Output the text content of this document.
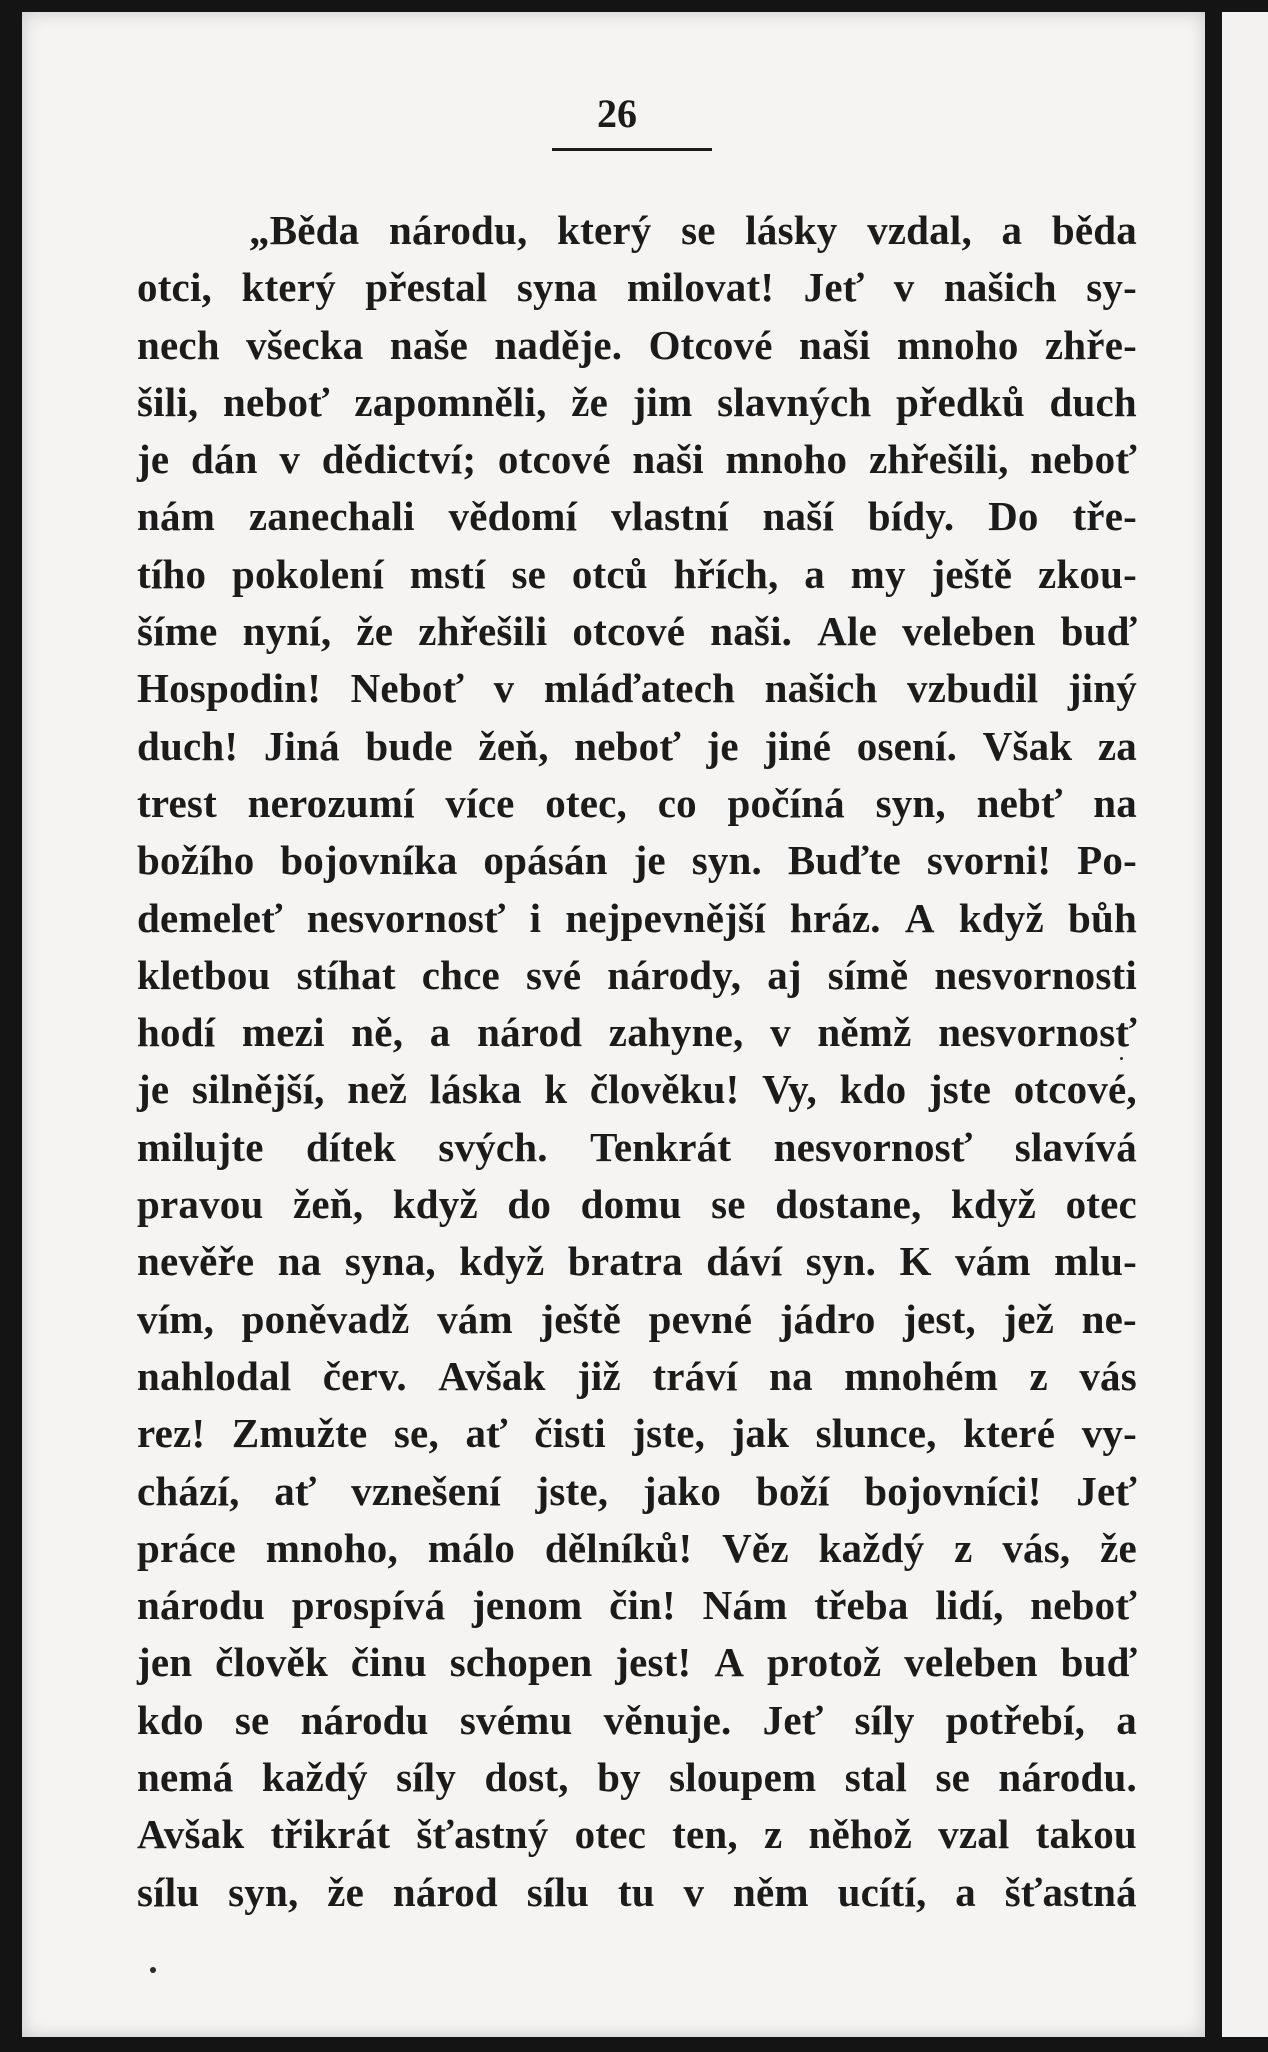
26

„Běda národu, který se lásky vzdal, a běda
otci, který přestal syna milovat! Jeť v našich sy-
nech všecka naše naděje. Otcové naši mnoho zhře-
šili, neboť zapomněli, že jim slavných předků duch
je dán v dědictví; otcové naši mnoho zhřešili, neboť
nám zanechali vědomí vlastní naší bídy. Do tře-
tího pokolení mstí se otců hřích, a my ještě zkou-
šíme nyní, že zhřešili otcové naši. Ale veleben buď
Hospodin! Neboť v mláďatech našich vzbudil jiný
duch! Jiná bude žeň, neboť je jiné osení. Však za
trest nerozumí více otec, co počíná syn, nebť na
božího bojovníka opásán je syn. Buďte svorni! Po-
demeleť nesvornosť i nejpevnější hráz. A když bůh
kletbou stíhat chce své národy, aj símě nesvornosti
hodí mezi ně, a národ zahyne, v němž nesvornosť
je silnější, než láska k člověku! Vy, kdo jste otcové,
milujte dítek svých. Tenkrát nesvornosť slavívá
pravou žeň, když do domu se dostane, když otec
nevěře na syna, když bratra dáví syn. K vám mlu-
vím, poněvadž vám ještě pevné jádro jest, jež ne-
nahlodal červ. Avšak již tráví na mnohém z vás
rez! Zmužte se, ať čisti jste, jak slunce, které vy-
chází, ať vznešení jste, jako boží bojovníci! Jeť
práce mnoho, málo dělníků! Věz každý z vás, že
národu prospívá jenom čin! Nám třeba lidí, neboť
jen člověk činu schopen jest! A protož veleben buď
kdo se národu svému věnuje. Jeť síly potřebí, a
nemá každý síly dost, by sloupem stal se národu.
Avšak třikrát šťastný otec ten, z něhož vzal takou
sílu syn, že národ sílu tu v něm ucítí, a šťastná
